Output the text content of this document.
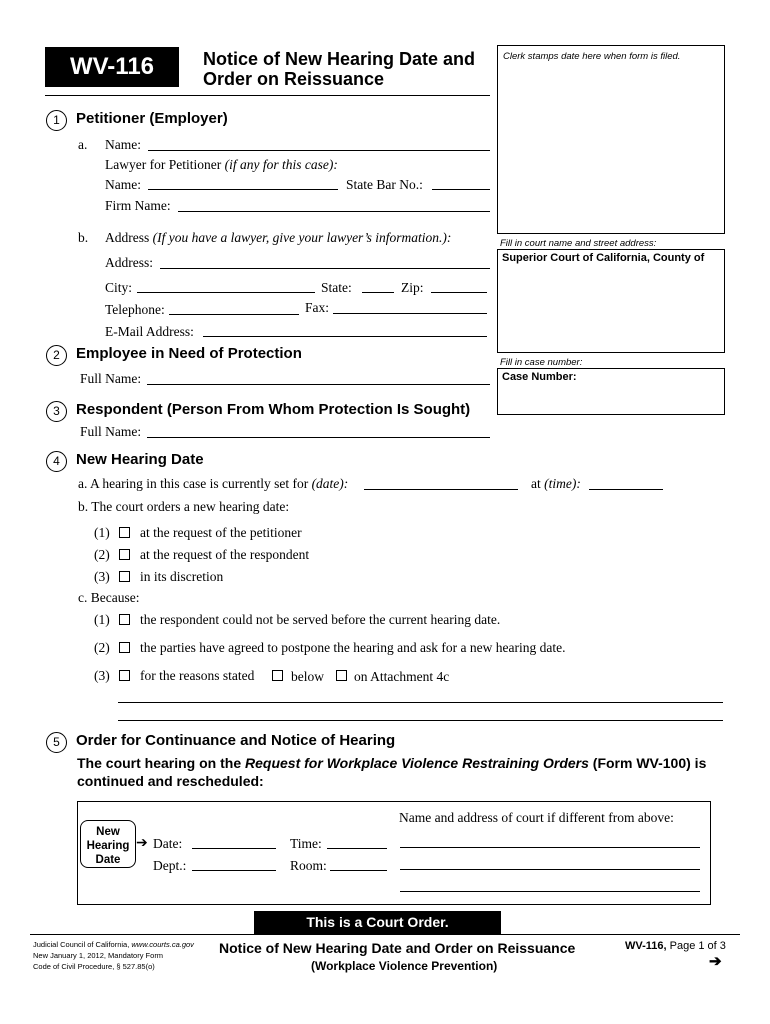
WV-116	Notice of New Hearing Date and
Order on Reissuance
Clerk stamps date here when form is filed.
Fill in court name and street address:
Superior Court of California, County of
Fill in case number:
Case Number:
1	Petitioner (Employer)
a. Name:
Lawyer for Petitioner (if any for this case):
Name:	State Bar No.:
Firm Name:
b. Address (If you have a lawyer, give your lawyer’s information.):
Address:
City:	State:	Zip:
Telephone:	Fax:
E-Mail Address:
2	Employee in Need of Protection
Full Name:
3	Respondent (Person From Whom Protection Is Sought)
Full Name:
4	New Hearing Date
a. A hearing in this case is currently set for (date):	at (time):
b. The court orders a new hearing date:
(1) at the request of the petitioner
(2) at the request of the respondent
(3) in its discretion
c. Because:
(1) the respondent could not be served before the current hearing date.
(2) the parties have agreed to postpone the hearing and ask for a new hearing date.
(3) for the reasons stated	below on Attachment 4c
5	Order for Continuance and Notice of Hearing
The court hearing on the Request for Workplace Violence Restraining Orders (Form WV-100) is
continued and rescheduled:
New
Hearing
Date
➔ Date:	Time:
Dept.:	Room:
Name and address of court if different from above:
This is a Court Order.
Judicial Council of California, www.courts.ca.gov
New January 1, 2012, Mandatory Form
Code of Civil Procedure, § 527.85(o)
Notice of New Hearing Date and Order on Reissuance
(Workplace Violence Prevention)
WV-116, Page 1 of 3
➔
